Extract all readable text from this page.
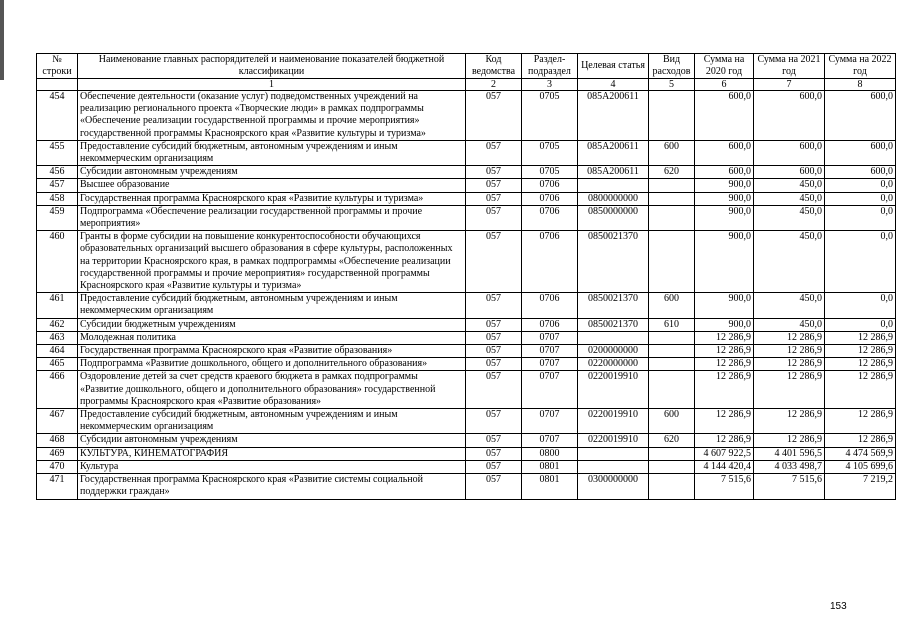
№ строки	Наименование главных распорядителей и наименование показателей бюджетной классификации	Код ведомства	Раздел-подраздел	Целевая статья	Вид расходов	Сумма на 2020 год	Сумма на 2021 год	Сумма на 2022 год
	1	2	3	4	5	6	7	8
454	Обеспечение деятельности (оказание услуг) подведомственных учреждений на реализацию регионального проекта «Творческие люди» в рамках подпрограммы «Обеспечение реализации государственной программы и прочие мероприятия» государственной программы Красноярского края «Развитие культуры и туризма»	057	0705	085А200611		600,0	600,0	600,0
455	Предоставление субсидий бюджетным, автономным учреждениям и иным некоммерческим организациям	057	0705	085А200611	600	600,0	600,0	600,0
456	Субсидии автономным учреждениям	057	0705	085А200611	620	600,0	600,0	600,0
457	Высшее образование	057	0706			900,0	450,0	0,0
458	Государственная программа Красноярского края «Развитие культуры и туризма»	057	0706	0800000000		900,0	450,0	0,0
459	Подпрограмма «Обеспечение реализации государственной программы и прочие мероприятия»	057	0706	0850000000		900,0	450,0	0,0
460	Гранты в форме субсидии на повышение конкурентоспособности обучающихся образовательных организаций высшего образования в сфере культуры, расположенных на территории Красноярского края, в рамках подпрограммы «Обеспечение реализации государственной программы и прочие мероприятия» государственной программы Красноярского края «Развитие культуры и туризма»	057	0706	0850021370		900,0	450,0	0,0
461	Предоставление субсидий бюджетным, автономным учреждениям и иным некоммерческим организациям	057	0706	0850021370	600	900,0	450,0	0,0
462	Субсидии бюджетным учреждениям	057	0706	0850021370	610	900,0	450,0	0,0
463	Молодежная политика	057	0707			12 286,9	12 286,9	12 286,9
464	Государственная программа Красноярского края «Развитие образования»	057	0707	0200000000		12 286,9	12 286,9	12 286,9
465	Подпрограмма «Развитие дошкольного, общего и дополнительного образования»	057	0707	0220000000		12 286,9	12 286,9	12 286,9
466	Оздоровление детей за счет средств краевого бюджета в рамках подпрограммы «Развитие дошкольного, общего и дополнительного образования» государственной программы Красноярского края «Развитие образования»	057	0707	0220019910		12 286,9	12 286,9	12 286,9
467	Предоставление субсидий бюджетным, автономным учреждениям и иным некоммерческим организациям	057	0707	0220019910	600	12 286,9	12 286,9	12 286,9
468	Субсидии автономным учреждениям	057	0707	0220019910	620	12 286,9	12 286,9	12 286,9
469	КУЛЬТУРА, КИНЕМАТОГРАФИЯ	057	0800			4 607 922,5	4 401 596,5	4 474 569,9
470	Культура	057	0801			4 144 420,4	4 033 498,7	4 105 699,6
471	Государственная программа Красноярского края «Развитие системы социальной поддержки граждан»	057	0801	0300000000		7 515,6	7 515,6	7 219,2
153
